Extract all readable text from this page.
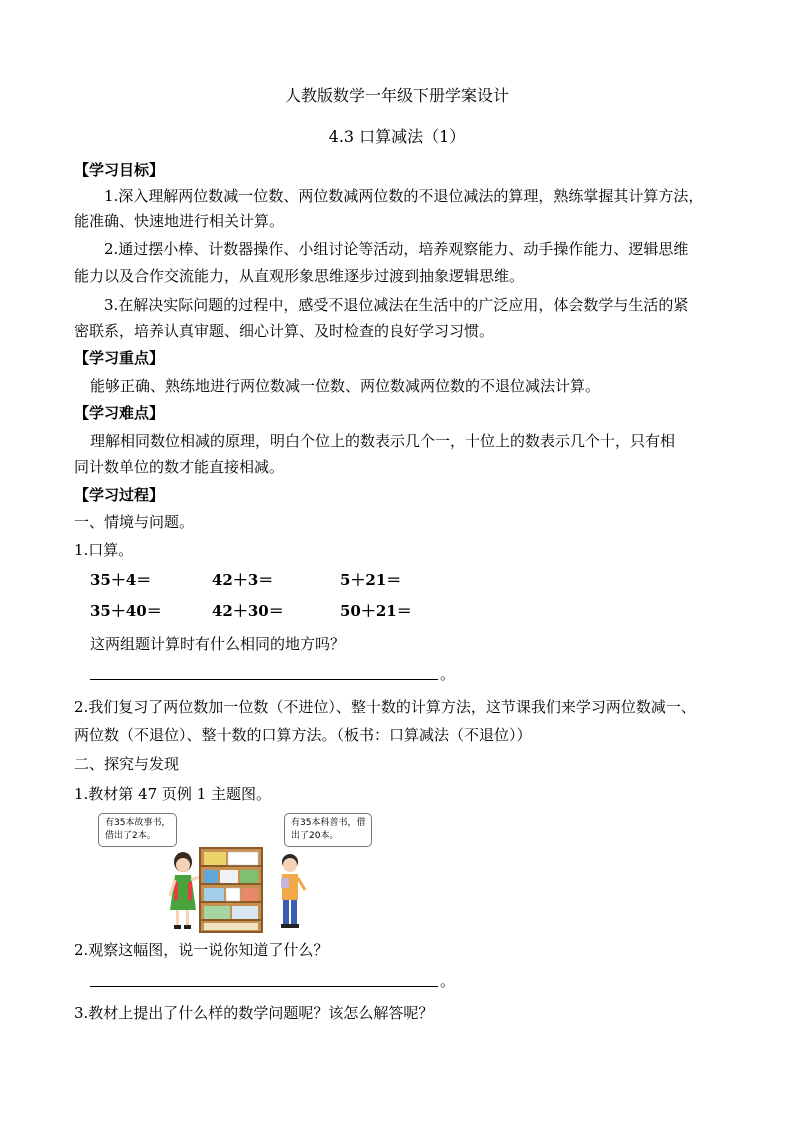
人教版数学一年级下册学案设计
4.3 口算减法（1）
【学习目标】
1.深入理解两位数减一位数、两位数减两位数的不退位减法的算理，熟练掌握其计算方法，
能准确、快速地进行相关计算。
2.通过摆小棒、计数器操作、小组讨论等活动，培养观察能力、动手操作能力、逻辑思维
能力以及合作交流能力，从直观形象思维逐步过渡到抽象逻辑思维。
3.在解决实际问题的过程中，感受不退位减法在生活中的广泛应用，体会数学与生活的紧
密联系，培养认真审题、细心计算、及时检查的良好学习习惯。
【学习重点】
能够正确、熟练地进行两位数减一位数、两位数减两位数的不退位减法计算。
【学习难点】
理解相同数位相减的原理，明白个位上的数表示几个一，十位上的数表示几个十，只有相
同计数单位的数才能直接相减。
【学习过程】
一、情境与问题。
1.口算。
35＋4＝	42＋3＝	5＋21＝
35＋40＝	42＋30＝	50＋21＝
这两组题计算时有什么相同的地方吗？
。
2.我们复习了两位数加一位数（不进位）、整十数的计算方法，这节课我们来学习两位数减一、
两位数（不退位）、整十数的口算方法。（板书：口算减法（不退位））
二、探究与发现
1.教材第 47 页例 1 主题图。
有35本故事书，
借出了2本。
有35本科普书，借
出了20本。
2.观察这幅图，说一说你知道了什么？
。
3.教材上提出了什么样的数学问题呢？该怎么解答呢？
